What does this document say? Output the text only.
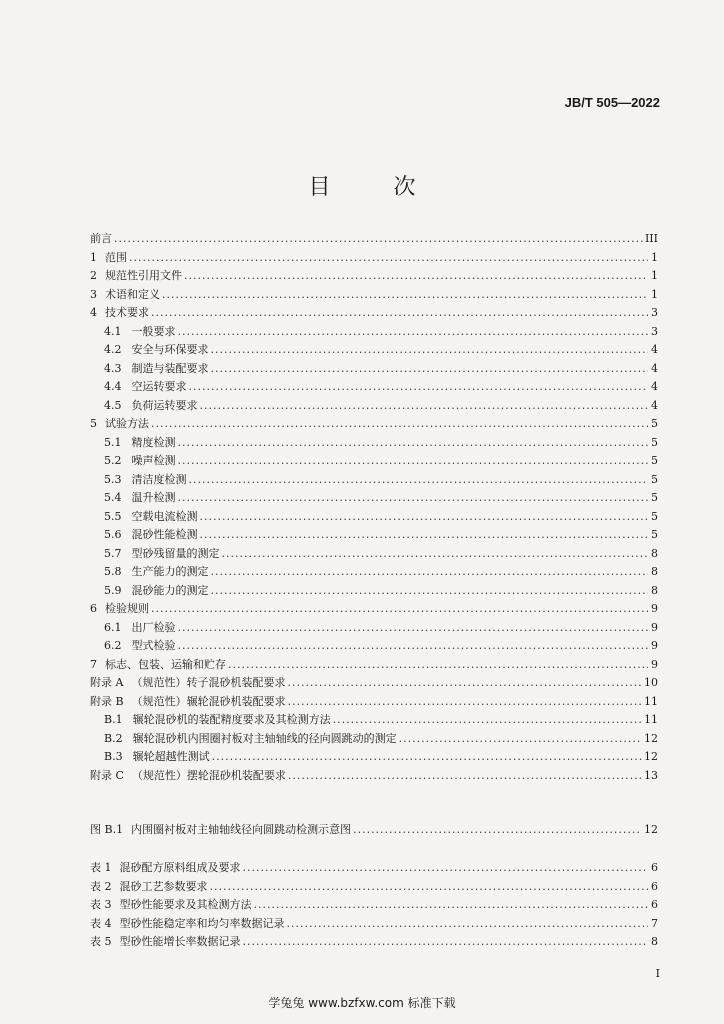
JB/T 505—2022
目 次
前言 .....	III
1 范围 .....	1
2 规范性引用文件 .....	1
3 术语和定义 .....	1
4 技术要求 .....	3
4.1 一般要求 .....	3
4.2 安全与环保要求 .....	4
4.3 制造与装配要求 .....	4
4.4 空运转要求 .....	4
4.5 负荷运转要求 .....	4
5 试验方法 .....	5
5.1 精度检测 .....	5
5.2 噪声检测 .....	5
5.3 清洁度检测 .....	5
5.4 温升检测 .....	5
5.5 空载电流检测 .....	5
5.6 混砂性能检测 .....	5
5.7 型砂残留量的测定 .....	8
5.8 生产能力的测定 .....	8
5.9 混砂能力的测定 .....	8
6 检验规则 .....	9
6.1 出厂检验 .....	9
6.2 型式检验 .....	9
7 标志、包装、运输和贮存 .....	9
附录 A （规范性）转子混砂机装配要求 .....	10
附录 B （规范性）辗轮混砂机装配要求 .....	11
B.1 辗轮混砂机的装配精度要求及其检测方法 .....	11
B.2 辗轮混砂机内围圈衬板对主轴轴线的径向圆跳动的测定 .....	12
B.3 辗轮超越性测试 .....	12
附录 C （规范性）摆轮混砂机装配要求 .....	13
图 B.1 内围圈衬板对主轴轴线径向圆跳动检测示意图 .....	12
表 1 混砂配方原料组成及要求 .....	6
表 2 混砂工艺参数要求 .....	6
表 3 型砂性能要求及其检测方法 .....	6
表 4 型砂性能稳定率和均匀率数据记录 .....	7
表 5 型砂性能增长率数据记录 .....	8
I
学兔兔 www.bzfxw.com 标准下载
